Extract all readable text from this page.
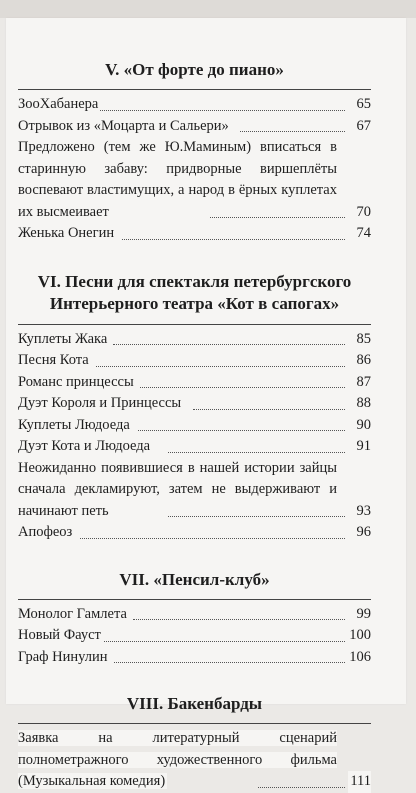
V. «От форте до пиано»
ЗооХабанера	65
Отрывок из «Моцарта и Сальери»	67
Предложено (тем же Ю.Маминым) вписаться в старинную забаву: придворные виршеплёты воспевают властимущих, а народ в ёрных куплетах их высмеивает	70
Женька Онегин	74
VI. Песни для спектакля петербургского
Интерьерного театра «Кот в сапогах»
Куплеты Жака	85
Песня Кота	86
Романс принцессы	87
Дуэт Короля и Принцессы	88
Куплеты Людоеда	90
Дуэт Кота и Людоеда	91
Неожиданно появившиеся в нашей истории зайцы сначала декламируют, затем не выдерживают и начинают петь	93
Апофеоз	96
VII. «Пенсил-клуб»
Монолог Гамлета	99
Новый Фауст	100
Граф Нинулин	106
VIII. Бакенбарды
Заявка на литературный сценарий полнометражного художественного фильма (Музыкальная комедия)	111
